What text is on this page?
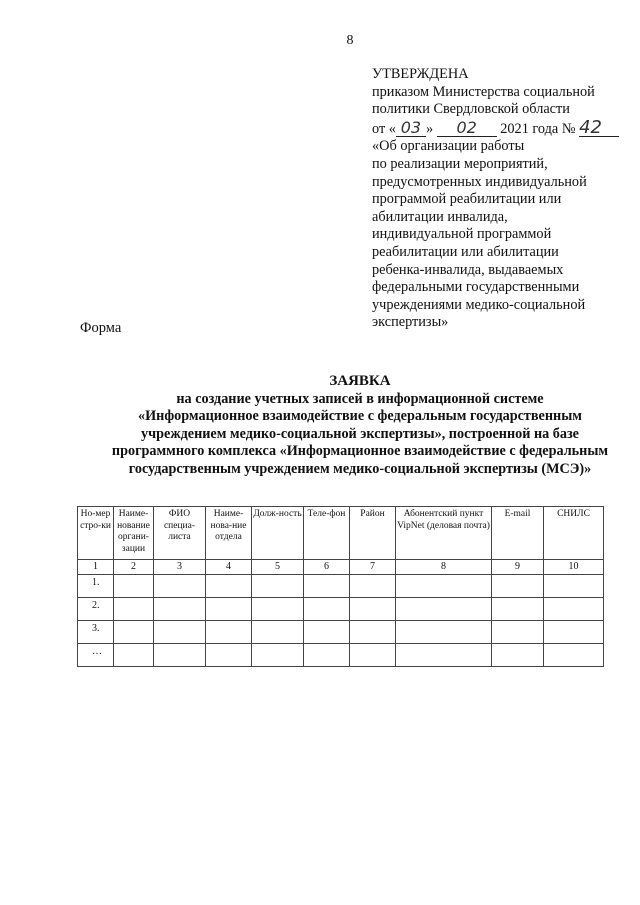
8
УТВЕРЖДЕНА
приказом Министерства социальной
политики Свердловской области
от « 03 » 02 2021 года № 42
«Об организации работы
по реализации мероприятий,
предусмотренных индивидуальной
программой реабилитации или
абилитации инвалида,
индивидуальной программой
реабилитации или абилитации
ребенка-инвалида, выдаваемых
федеральными государственными
учреждениями медико-социальной
экспертизы»
Форма
ЗАЯВКА
на создание учетных записей в информационной системе
«Информационное взаимодействие с федеральным государственным
учреждением медико-социальной экспертизы», построенной на базе
программного комплекса «Информационное взаимодействие с федеральным
государственным учреждением медико-социальной экспертизы (МСЭ)»
Но-мер стро-ки	Наиме-нование органи-зации	ФИО специа-листа	Наиме-нова-ние отдела	Долж-ность	Теле-фон	Район	Абонентский пункт VipNet (деловая почта)	E-mail	СНИЛС
1	2	3	4	5	6	7	8	9	10
1.									
2.									
3.									
…									
